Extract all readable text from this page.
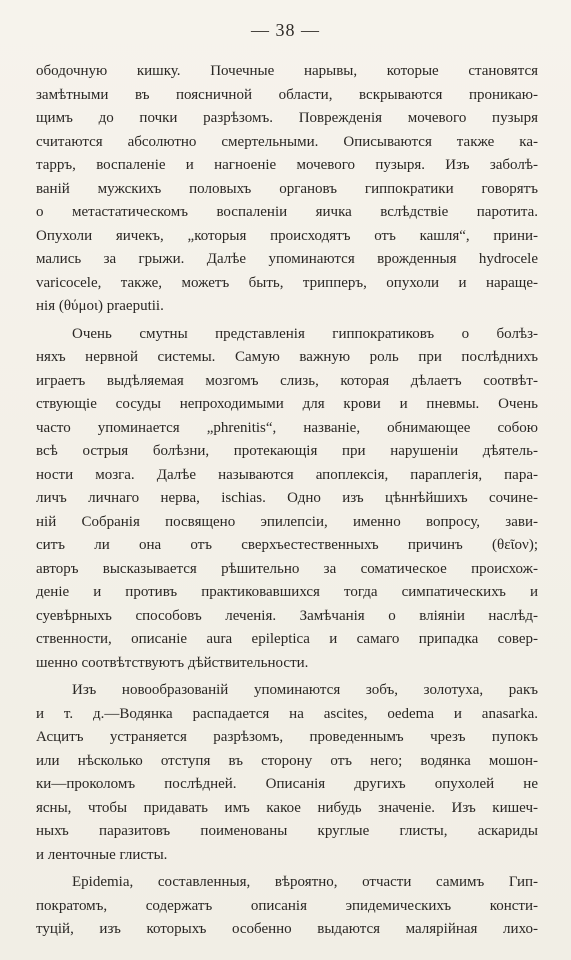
— 38 —
ободочную кишку. Почечные нарывы, которые становятся
замѣтными въ поясничной области, вскрываются проникаю-
щимъ до почки разрѣзомъ. Поврежденія мочевого пузыря
считаются абсолютно смертельными. Описываются также ка-
тарръ, воспаленіе и нагноеніе мочевого пузыря. Изъ заболѣ-
ваній мужскихъ половыхъ органовъ гиппократики говорятъ
о метастатическомъ воспаленіи яичка вслѣдствіе паротита.
Опухоли яичекъ, „которыя происходятъ отъ кашля“, прини-
мались за грыжи. Далѣе упоминаются врожденныя hydrocele
varicocele, также, можетъ быть, трипперъ, опухоли и нараще-
нія (θύμοι) praeputii.
Очень смутны представленія гиппократиковъ о болѣз-
няхъ нервной системы. Самую важную роль при послѣднихъ
играетъ выдѣляемая мозгомъ слизь, которая дѣлаетъ соотвѣт-
ствующіе сосуды непроходимыми для крови и пневмы. Очень
часто упоминается „phrenitis“, названіе, обнимающее собою
всѣ острыя болѣзни, протекающія при нарушеніи дѣятель-
ности мозга. Далѣе называются апоплексія, параплегія, пара-
личъ личнаго нерва, ischias. Одно изъ цѣннѣйшихъ сочине-
ній Собранія посвящено эпилепсіи, именно вопросу, зави-
ситъ ли она отъ сверхъестественныхъ причинъ (θεῖον);
авторъ высказывается рѣшительно за соматическое происхож-
деніе и противъ практиковавшихся тогда симпатическихъ и
суевѣрныхъ способовъ леченія. Замѣчанія о вліяніи наслѣд-
ственности, описаніе aura epileptica и самаго припадка совер-
шенно соотвѣтствуютъ дѣйствительности.
Изъ новообразованій упоминаются зобъ, золотуха, ракъ
и т. д.—Водянка распадается на ascites, oedema и anasarka.
Асцитъ устраняется разрѣзомъ, проведеннымъ чрезъ пупокъ
или нѣсколько отступя въ сторону отъ него; водянка мошон-
ки—проколомъ послѣдней. Описанія другихъ опухолей не
ясны, чтобы придавать имъ какое нибудь значеніе. Изъ кишеч-
ныхъ паразитовъ поименованы круглые глисты, аскариды
и ленточные глисты.
Epidemia, составленныя, вѣроятно, отчасти самимъ Гип-
пократомъ, содержатъ описанія эпидемическихъ консти-
туцій, изъ которыхъ особенно выдаются малярійная лихо-
